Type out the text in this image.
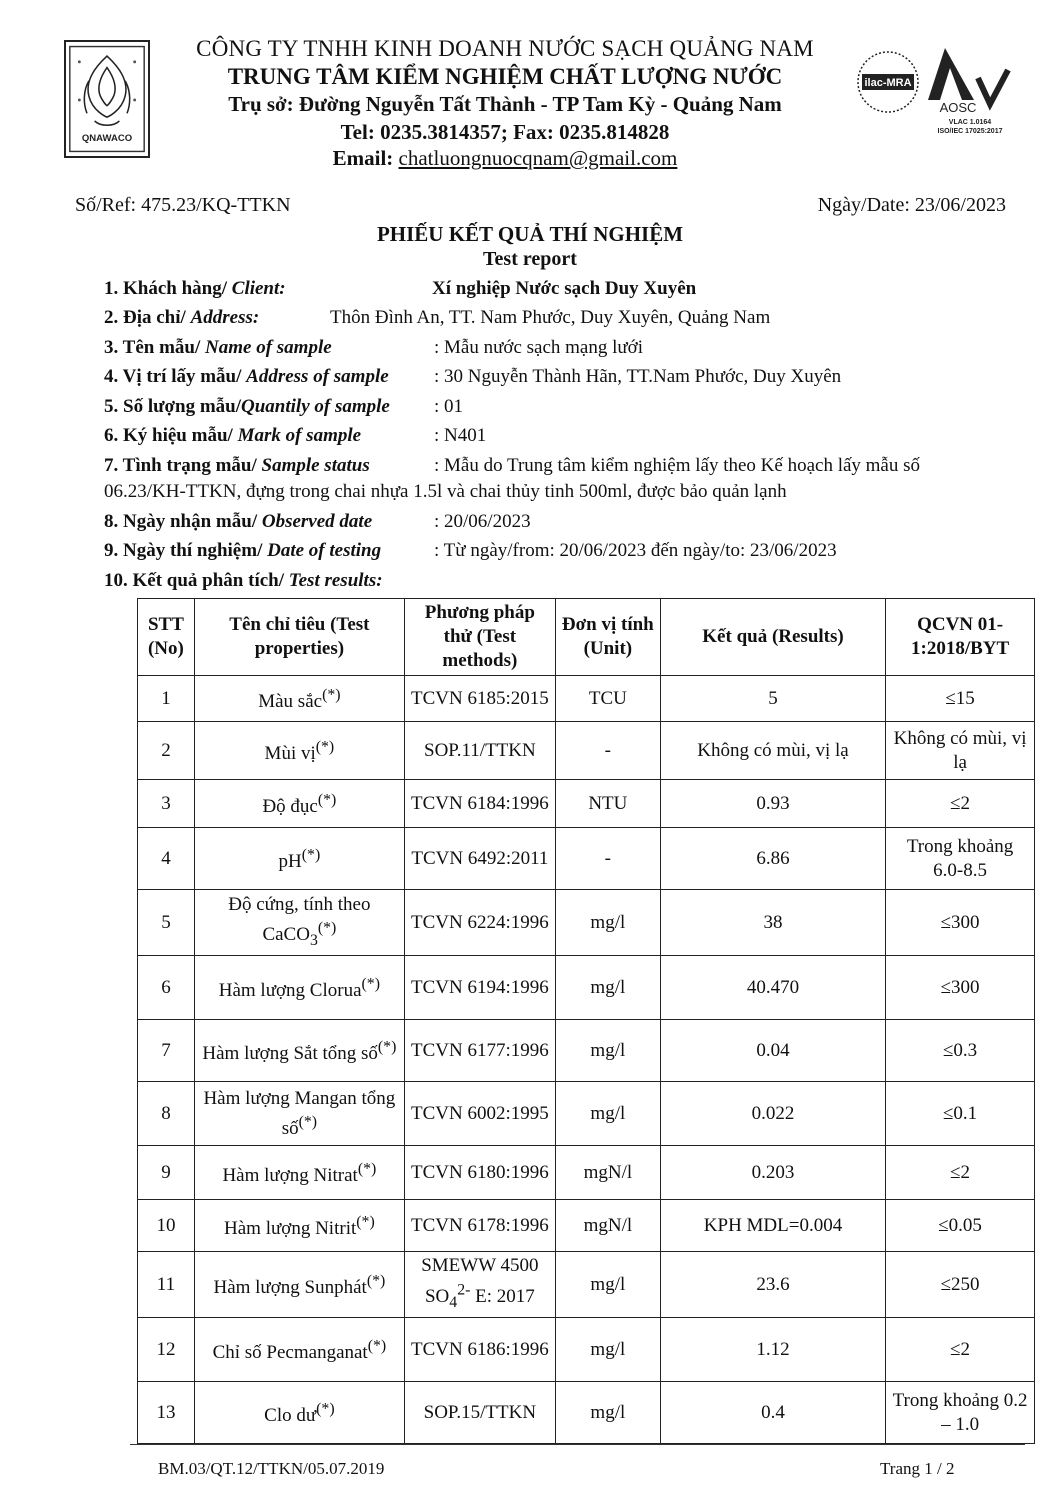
QNAWACO
ilac-MRA
AOSC
VLAC 1.0164
ISO/IEC 17025:2017
CÔNG TY TNHH KINH DOANH NƯỚC SẠCH QUẢNG NAM
TRUNG TÂM KIỂM NGHIỆM CHẤT LƯỢNG NƯỚC
Trụ sở: Đường Nguyễn Tất Thành - TP Tam Kỳ - Quảng Nam
Tel: 0235.3814357; Fax: 0235.814828
Email: chatluongnuocqnam@gmail.com
Số/Ref: 475.23/KQ-TTKN	Ngày/Date: 23/06/2023
PHIẾU KẾT QUẢ THÍ NGHIỆM
Test report
1. Khách hàng/ Client:	Xí nghiệp Nước sạch Duy Xuyên
2. Địa chỉ/ Address:	Thôn Đình An, TT. Nam Phước, Duy Xuyên, Quảng Nam
3. Tên mẫu/ Name of sample	: Mẫu nước sạch mạng lưới
4. Vị trí lấy mẫu/ Address of sample : 30 Nguyễn Thành Hãn, TT.Nam Phước, Duy Xuyên
5. Số lượng mẫu/Quantily of sample : 01
6. Ký hiệu mẫu/ Mark of sample	: N401
7. Tình trạng mẫu/ Sample status	: Mẫu do Trung tâm kiểm nghiệm lấy theo Kế hoạch lấy mẫu số
06.23/KH-TTKN, đựng trong chai nhựa 1.5l và chai thủy tinh 500ml, được bảo quản lạnh
8. Ngày nhận mẫu/ Observed date	: 20/06/2023
9. Ngày thí nghiệm/ Date of testing	: Từ ngày/from: 20/06/2023 đến ngày/to: 23/06/2023
10. Kết quả phân tích/ Test results:
STT (No)	Tên chỉ tiêu (Test properties)	Phương pháp thử (Test methods)	Đơn vị tính (Unit)	Kết quả (Results)	QCVN 01-1:2018/BYT
1	Màu sắc(*)	TCVN 6185:2015	TCU	5	≤15
2	Mùi vị(*)	SOP.11/TTKN	-	Không có mùi, vị lạ	Không có mùi, vị lạ
3	Độ đục(*)	TCVN 6184:1996	NTU	0.93	≤2
4	pH(*)	TCVN 6492:2011	-	6.86	Trong khoảng 6.0-8.5
5	Độ cứng, tính theo CaCO$_3$(*)	TCVN 6224:1996	mg/l	38	≤300
6	Hàm lượng Clorua(*)	TCVN 6194:1996	mg/l	40.470	≤300
7	Hàm lượng Sắt tổng số(*)	TCVN 6177:1996	mg/l	0.04	≤0.3
8	Hàm lượng Mangan tổng số(*)	TCVN 6002:1995	mg/l	0.022	≤0.1
9	Hàm lượng Nitrat(*)	TCVN 6180:1996	mgN/l	0.203	≤2
10	Hàm lượng Nitrit(*)	TCVN 6178:1996	mgN/l	KPH MDL=0.004	≤0.05
11	Hàm lượng Sunphát(*)	SMEWW 4500 $SO_4^{2-}$ E: 2017	mg/l	23.6	≤250
12	Chỉ số Pecmanganat(*)	TCVN 6186:1996	mg/l	1.12	≤2
13	Clo dư(*)	SOP.15/TTKN	mg/l	0.4	Trong khoảng 0.2 – 1.0
BM.03/QT.12/TTKN/05.07.2019	Trang 1 / 2
